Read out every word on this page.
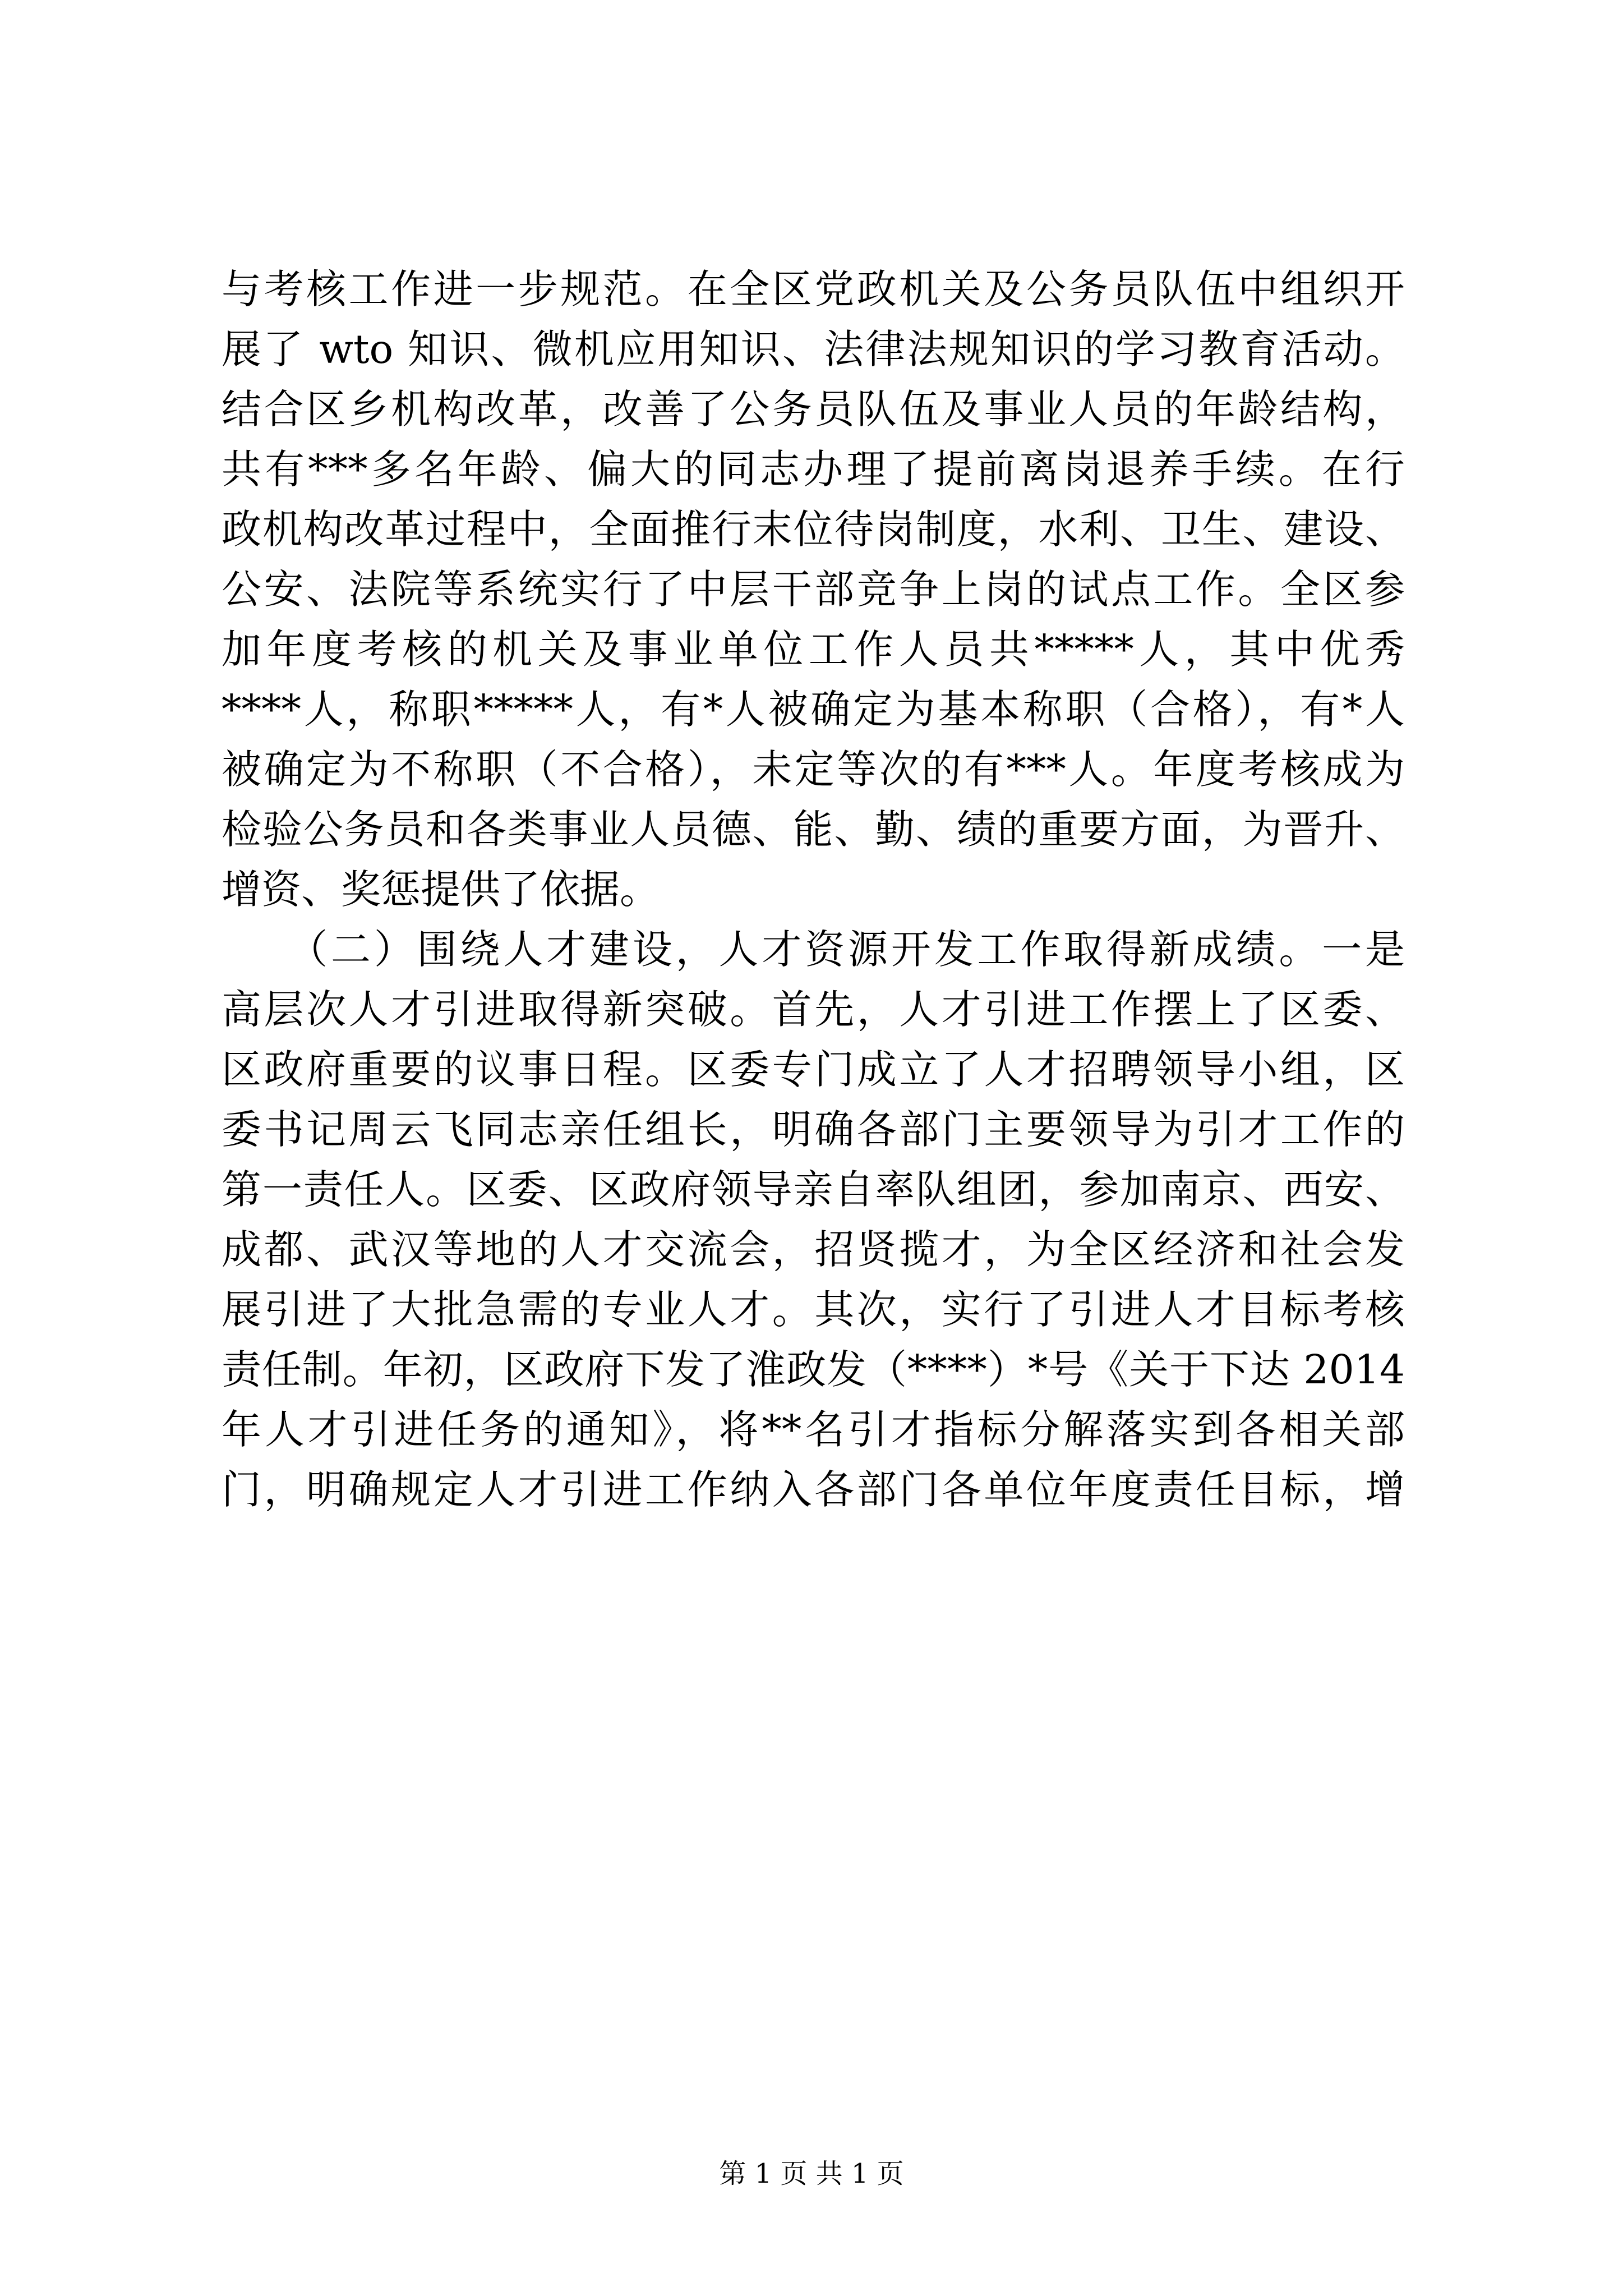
与考核工作进一步规范。在全区党政机关及公务员队伍中组织开
展了 wto 知识、微机应用知识、法律法规知识的学习教育活动。
结合区乡机构改革，改善了公务员队伍及事业人员的年龄结构，
共有***多名年龄、偏大的同志办理了提前离岗退养手续。在行
政机构改革过程中，全面推行末位待岗制度，水利、卫生、建设、
公安、法院等系统实行了中层干部竞争上岗的试点工作。全区参
加年度考核的机关及事业单位工作人员共*****人，其中优秀
****人，称职*****人，有*人被确定为基本称职（合格），有*人
被确定为不称职（不合格），未定等次的有***人。年度考核成为
检验公务员和各类事业人员德、能、勤、绩的重要方面，为晋升、
增资、奖惩提供了依据。
　　（二）围绕人才建设，人才资源开发工作取得新成绩。一是
高层次人才引进取得新突破。首先，人才引进工作摆上了区委、
区政府重要的议事日程。区委专门成立了人才招聘领导小组，区
委书记周云飞同志亲任组长，明确各部门主要领导为引才工作的
第一责任人。区委、区政府领导亲自率队组团，参加南京、西安、
成都、武汉等地的人才交流会，招贤揽才，为全区经济和社会发
展引进了大批急需的专业人才。其次，实行了引进人才目标考核
责任制。年初，区政府下发了淮政发（****）*号《关于下达 2014
年人才引进任务的通知》，将**名引才指标分解落实到各相关部
门，明确规定人才引进工作纳入各部门各单位年度责任目标，增
第 1 页 共 1 页
